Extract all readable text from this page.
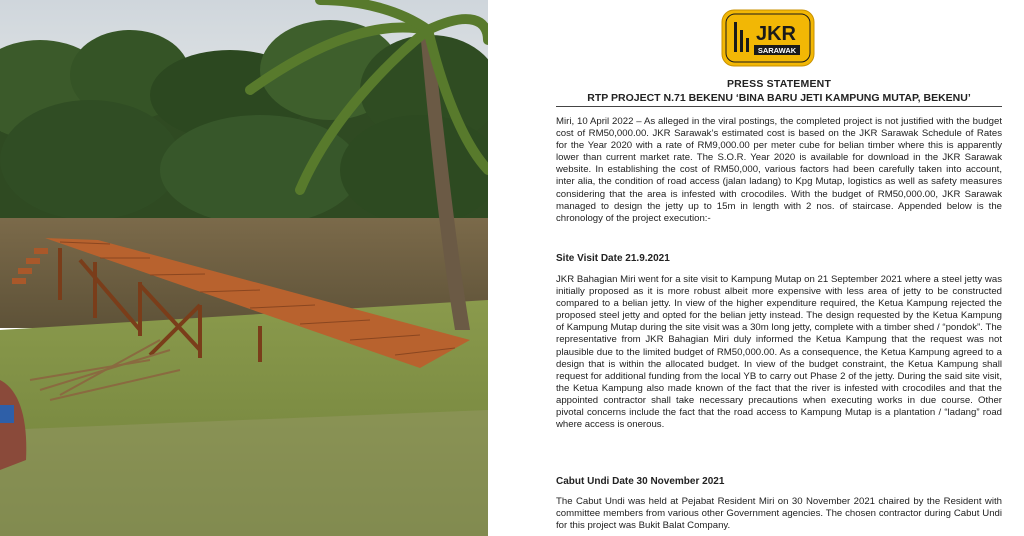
JKR
SARAWAK
PRESS STATEMENT
RTP PROJECT N.71 BEKENU ‘BINA BARU JETI KAMPUNG MUTAP, BEKENU’

Miri, 10 April 2022 – As alleged in the viral postings, the completed project is not justified with the budget cost of RM50,000.00. JKR Sarawak’s estimated cost is based on the JKR Sarawak Schedule of Rates for the Year 2020 with a rate of RM9,000.00 per meter cube for belian timber where this is apparently lower than current market rate. The S.O.R. Year 2020 is available for download in the JKR Sarawak website. In establishing the cost of RM50,000, various factors had been carefully taken into account, inter alia, the condition of road access (jalan ladang) to Kpg Mutap, logistics as well as safety measures considering that the area is infested with crocodiles. With the budget of RM50,000.00, JKR Sarawak managed to design the jetty up to 15m in length with 2 nos. of staircase. Appended below is the chronology of the project execution:-

Site Visit Date 21.9.2021

JKR Bahagian Miri went for a site visit to Kampung Mutap on 21 September 2021 where a steel jetty was initially proposed as it is more robust albeit more expensive with less area of jetty to be constructed compared to a belian jetty. In view of the higher expenditure required, the Ketua Kampung rejected the proposed steel jetty and opted for the belian jetty instead. The design requested by the Ketua Kampung of Kampung Mutap during the site visit was a 30m long jetty, complete with a timber shed / “pondok”. The representative from JKR Bahagian Miri duly informed the Ketua Kampung that the request was not plausible due to the limited budget of RM50,000.00. As a consequence, the Ketua Kampung agreed to a design that is within the allocated budget. In view of the budget constraint, the Ketua Kampung shall request for additional funding from the local YB to carry out Phase 2 of the jetty. During the said site visit, the Ketua Kampung also made known of the fact that the river is infested with crocodiles and that the appointed contractor shall take necessary precautions when executing works in due course. Other pivotal concerns include the fact that the road access to Kampung Mutap is a plantation / “ladang” road where access is onerous.

Cabut Undi Date 30 November 2021

The Cabut Undi was held at Pejabat Resident Miri on 30 November 2021 chaired by the Resident with committee members from various other Government agencies. The chosen contractor during Cabut Undi for this project was Bukit Balat Company.
